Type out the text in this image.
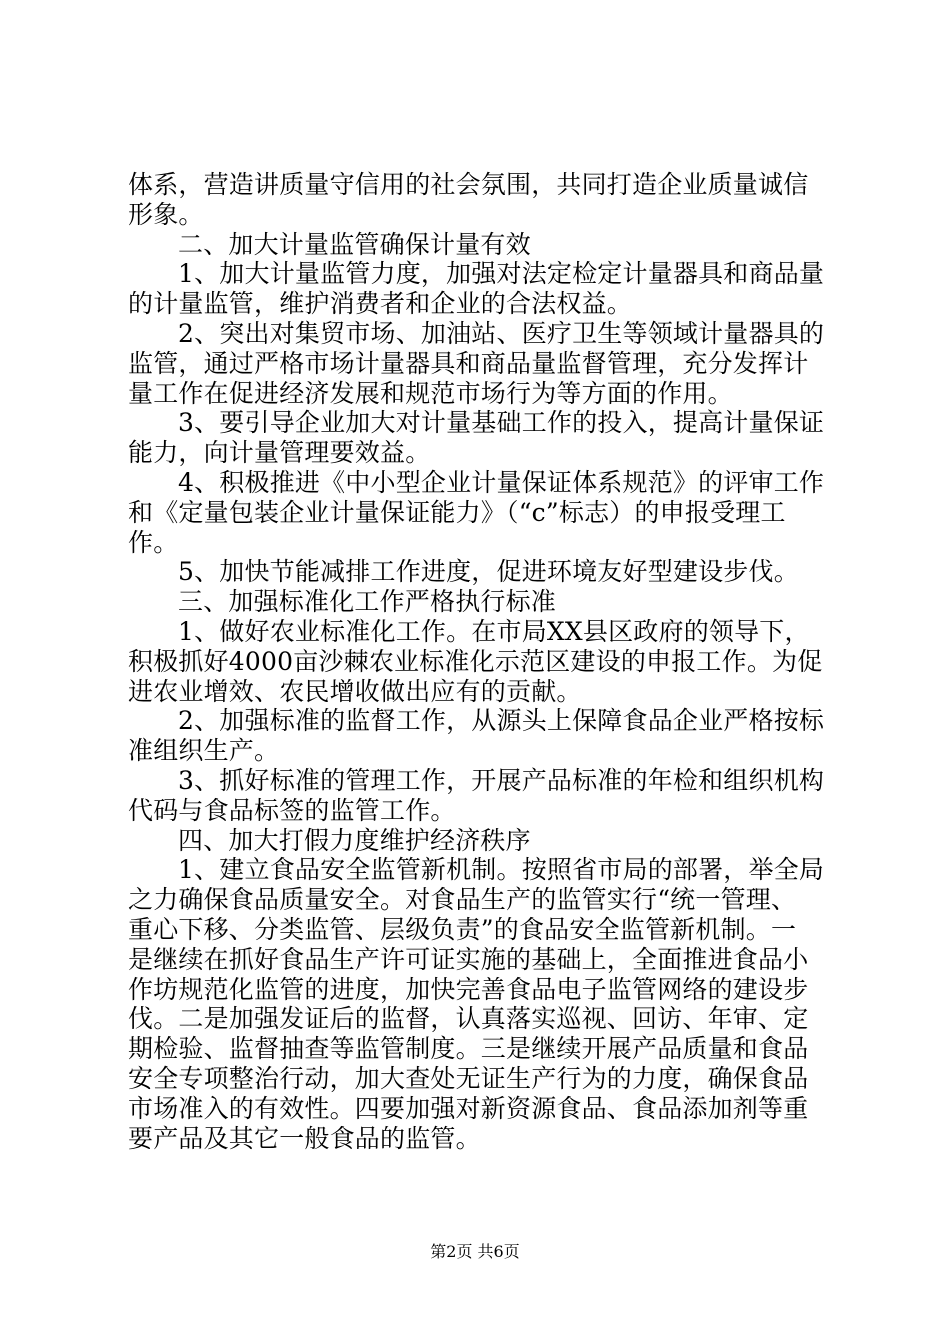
体系，营造讲质量守信用的社会氛围，共同打造企业质量诚信
形象。
二、加大计量监管确保计量有效
1、加大计量监管力度，加强对法定检定计量器具和商品量
的计量监管，维护消费者和企业的合法权益。
2、突出对集贸市场、加油站、医疗卫生等领域计量器具的
监管，通过严格市场计量器具和商品量监督管理，充分发挥计
量工作在促进经济发展和规范市场行为等方面的作用。
3、要引导企业加大对计量基础工作的投入，提高计量保证
能力，向计量管理要效益。
4、积极推进《中小型企业计量保证体系规范》的评审工作
和《定量包装企业计量保证能力》（“c”标志）的申报受理工
作。
5、加快节能减排工作进度，促进环境友好型建设步伐。
三、加强标准化工作严格执行标准
1、做好农业标准化工作。在市局XX县区政府的领导下，
积极抓好4000亩沙棘农业标准化示范区建设的申报工作。为促
进农业增效、农民增收做出应有的贡献。
2、加强标准的监督工作，从源头上保障食品企业严格按标
准组织生产。
3、抓好标准的管理工作，开展产品标准的年检和组织机构
代码与食品标签的监管工作。
四、加大打假力度维护经济秩序
1、建立食品安全监管新机制。按照省市局的部署，举全局
之力确保食品质量安全。对食品生产的监管实行“统一管理、
重心下移、分类监管、层级负责”的食品安全监管新机制。一
是继续在抓好食品生产许可证实施的基础上，全面推进食品小
作坊规范化监管的进度，加快完善食品电子监管网络的建设步
伐。二是加强发证后的监督，认真落实巡视、回访、年审、定
期检验、监督抽查等监管制度。三是继续开展产品质量和食品
安全专项整治行动，加大查处无证生产行为的力度，确保食品
市场准入的有效性。四要加强对新资源食品、食品添加剂等重
要产品及其它一般食品的监管。
第2页 共6页
